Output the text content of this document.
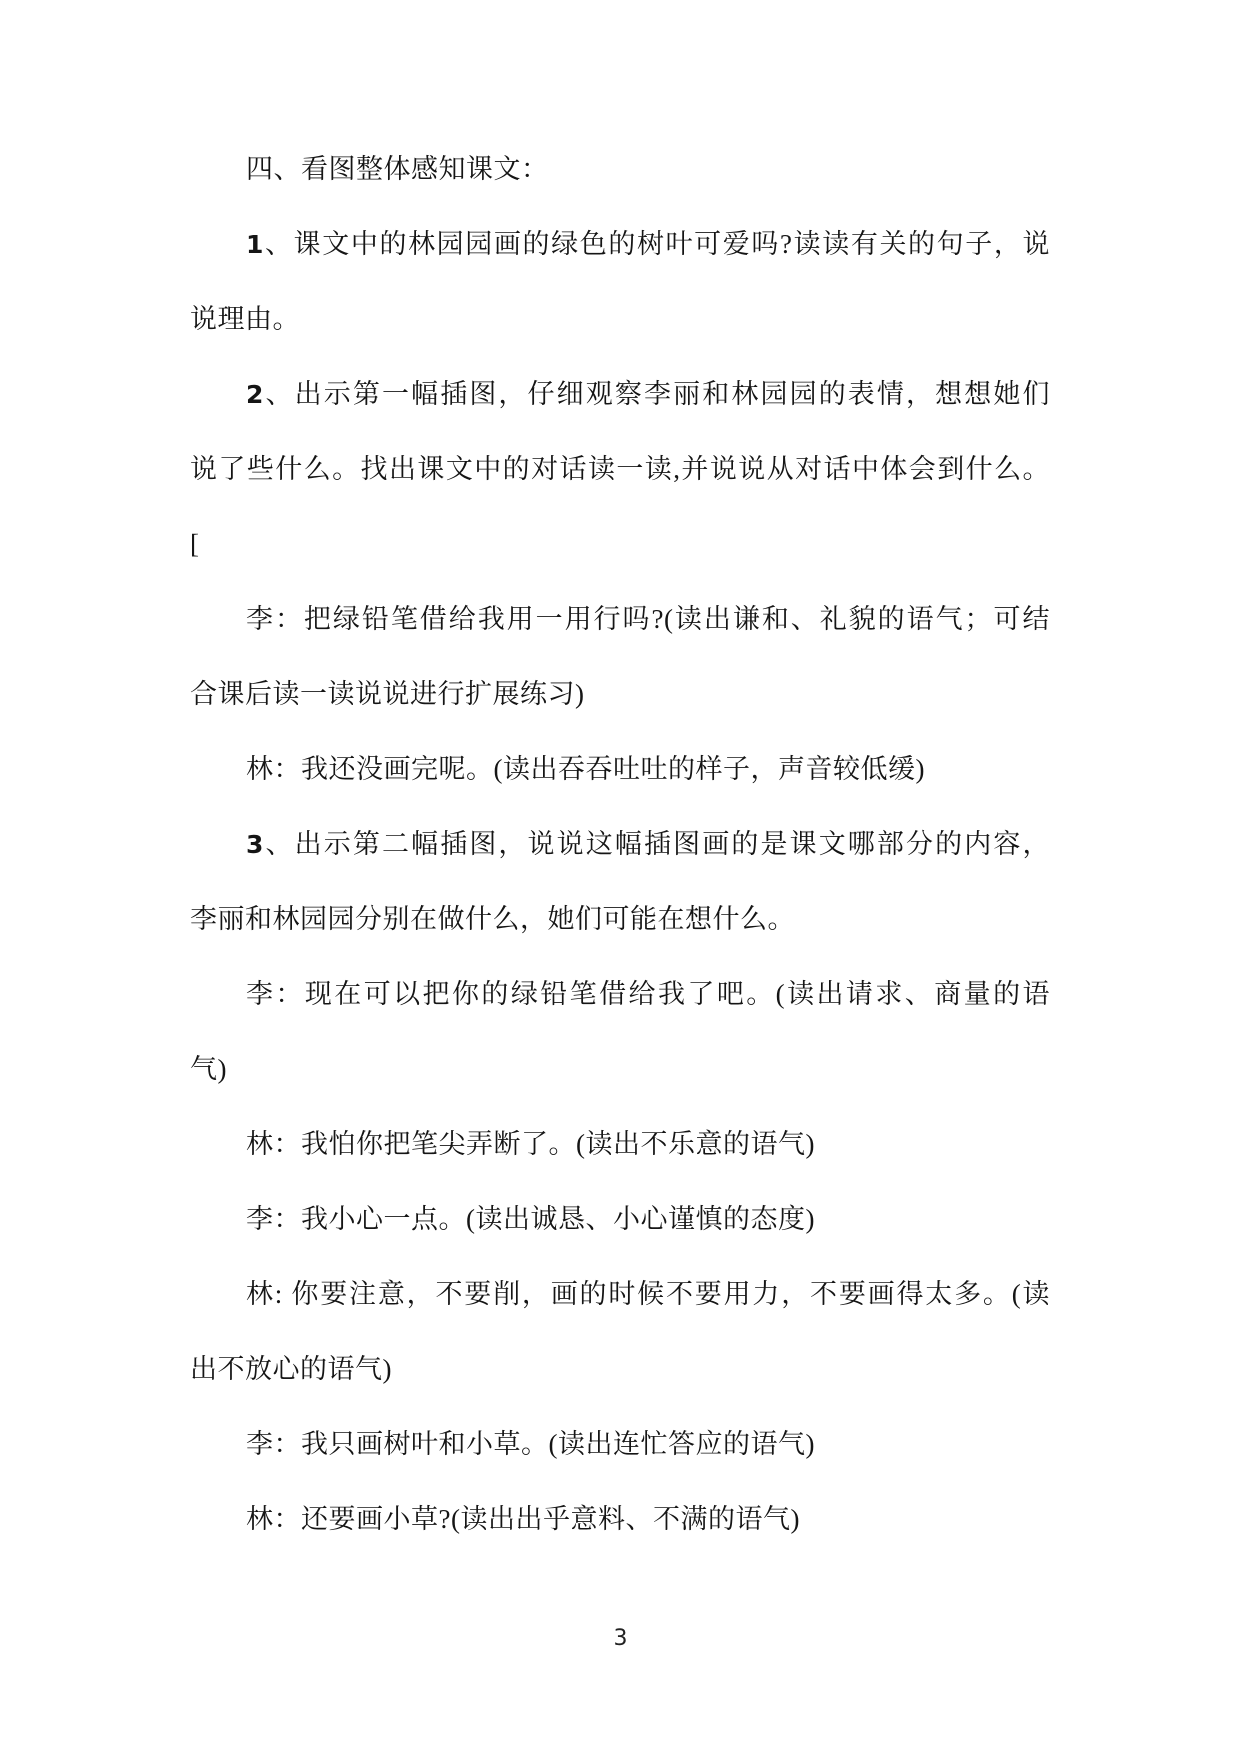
四、看图整体感知课文：
1、课文中的林园园画的绿色的树叶可爱吗?读读有关的句子，说
说理由。
2、出示第一幅插图，仔细观察李丽和林园园的表情，想想她们
说了些什么。找出课文中的对话读一读,并说说从对话中体会到什么。
[
李：把绿铅笔借给我用一用行吗?(读出谦和、礼貌的语气；可结
合课后读一读说说进行扩展练习)
林：我还没画完呢。(读出吞吞吐吐的样子，声音较低缓)
3、出示第二幅插图，说说这幅插图画的是课文哪部分的内容，
李丽和林园园分别在做什么，她们可能在想什么。
李：现在可以把你的绿铅笔借给我了吧。(读出请求、商量的语
气)
林：我怕你把笔尖弄断了。(读出不乐意的语气)
李：我小心一点。(读出诚恳、小心谨慎的态度)
林: 你要注意，不要削，画的时候不要用力，不要画得太多。(读
出不放心的语气)
李：我只画树叶和小草。(读出连忙答应的语气)
林：还要画小草?(读出出乎意料、不满的语气)
3
